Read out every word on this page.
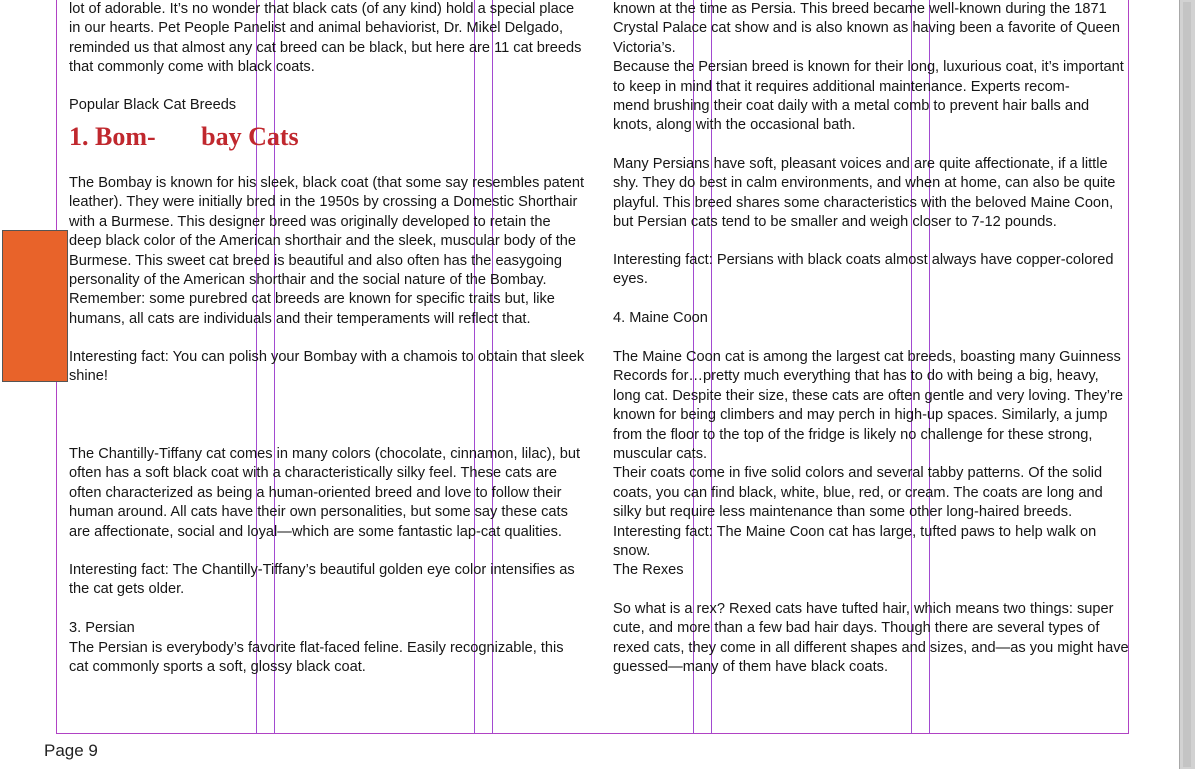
lot of adorable. It’s no wonder that black cats (of any kind) hold a special place

in our hearts. Pet People Panelist and animal behaviorist, Dr. Mikel Delgado,

reminded us that almost any cat breed can be black, but here are 11 cat breeds

that commonly come with black coats.

Popular Black Cat Breeds

1. Bom-       bay Cats

The Bombay is known for his sleek, black coat (that some say resembles patent

leather). They were initially bred in the 1950s by crossing a Domestic Shorthair

with a Burmese. This designer breed was originally developed to retain the

deep black color of the American shorthair and the sleek, muscular body of the

Burmese. This sweet cat breed is beautiful and also often has the easygoing

personality of the American shorthair and the social nature of the Bombay.

Remember: some purebred cat breeds are known for specific traits but, like

humans, all cats are individuals and their temperaments will reflect that.

Interesting fact: You can polish your Bombay with a chamois to obtain that sleek

shine!

The Chantilly-Tiffany cat comes in many colors (chocolate, cinnamon, lilac), but

often has a soft black coat with a characteristically silky feel. These cats are

often characterized as being a human-oriented breed and love to follow their

human around. All cats have their own personalities, but some say these cats

are affectionate, social and loyal—which are some fantastic lap-cat qualities.

Interesting fact: The Chantilly-Tiffany’s beautiful golden eye color intensifies as

the cat gets older.

3. Persian

The Persian is everybody’s favorite flat-faced feline. Easily recognizable, this

cat commonly sports a soft, glossy black coat.

known at the time as Persia. This breed became well-known during the 1871

Crystal Palace cat show and is also known as having been a favorite of Queen

Victoria’s.

Because the Persian breed is known for their long, luxurious coat, it’s important

to keep in mind that it requires additional maintenance. Experts recom-

mend brushing their coat daily with a metal comb to prevent hair balls and

knots, along with the occasional bath.

Many Persians have soft, pleasant voices and are quite affectionate, if a little

shy. They do best in calm environments, and when at home, can also be quite

playful. This breed shares some characteristics with the beloved Maine Coon,

but Persian cats tend to be smaller and weigh closer to 7-12 pounds.

Interesting fact: Persians with black coats almost always have copper-colored

eyes.

4. Maine Coon

The Maine Coon cat is among the largest cat breeds, boasting many Guinness

Records for…pretty much everything that has to do with being a big, heavy,

long cat. Despite their size, these cats are often gentle and very loving. They’re

known for being climbers and may perch in high-up spaces. Similarly, a jump

from the floor to the top of the fridge is likely no challenge for these strong,

muscular cats.

Their coats come in five solid colors and several tabby patterns. Of the solid

coats, you can find black, white, blue, red, or cream. The coats are long and

silky but require less maintenance than some other long-haired breeds.

Interesting fact: The Maine Coon cat has large, tufted paws to help walk on

snow.

The Rexes

So what is a rex? Rexed cats have tufted hair, which means two things: super

cute, and more than a few bad hair days. Though there are several types of

rexed cats, they come in all different shapes and sizes, and—as you might have

guessed—many of them have black coats.

Page 9
